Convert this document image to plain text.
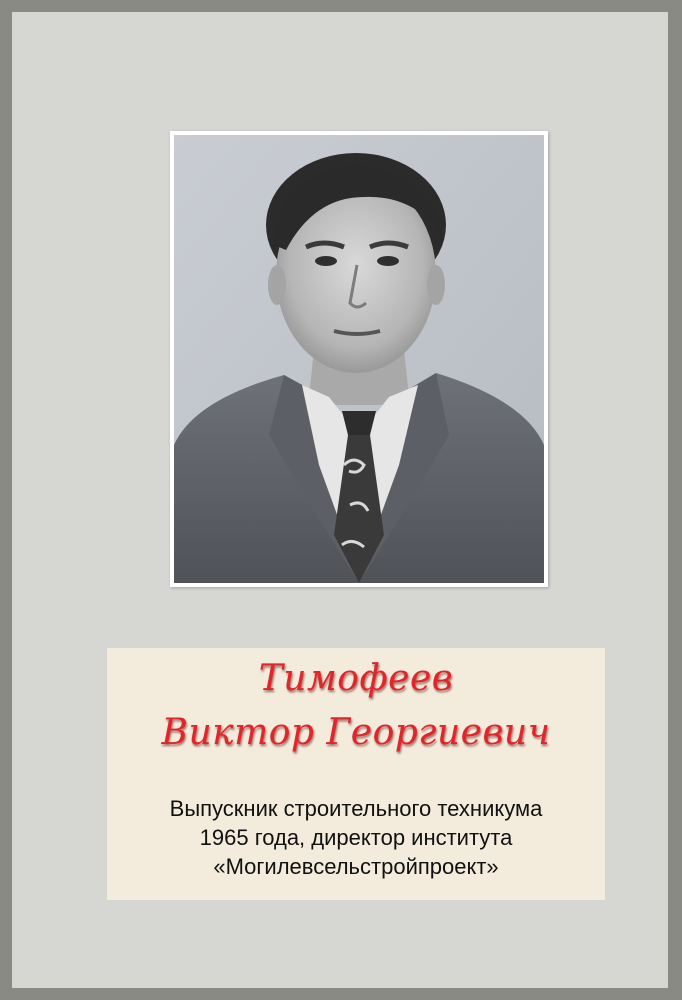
Тимофеев
Виктор Георгиевич
Выпускник строительного техникума
1965 года, директор института
«Могилевсельстройпроект»
